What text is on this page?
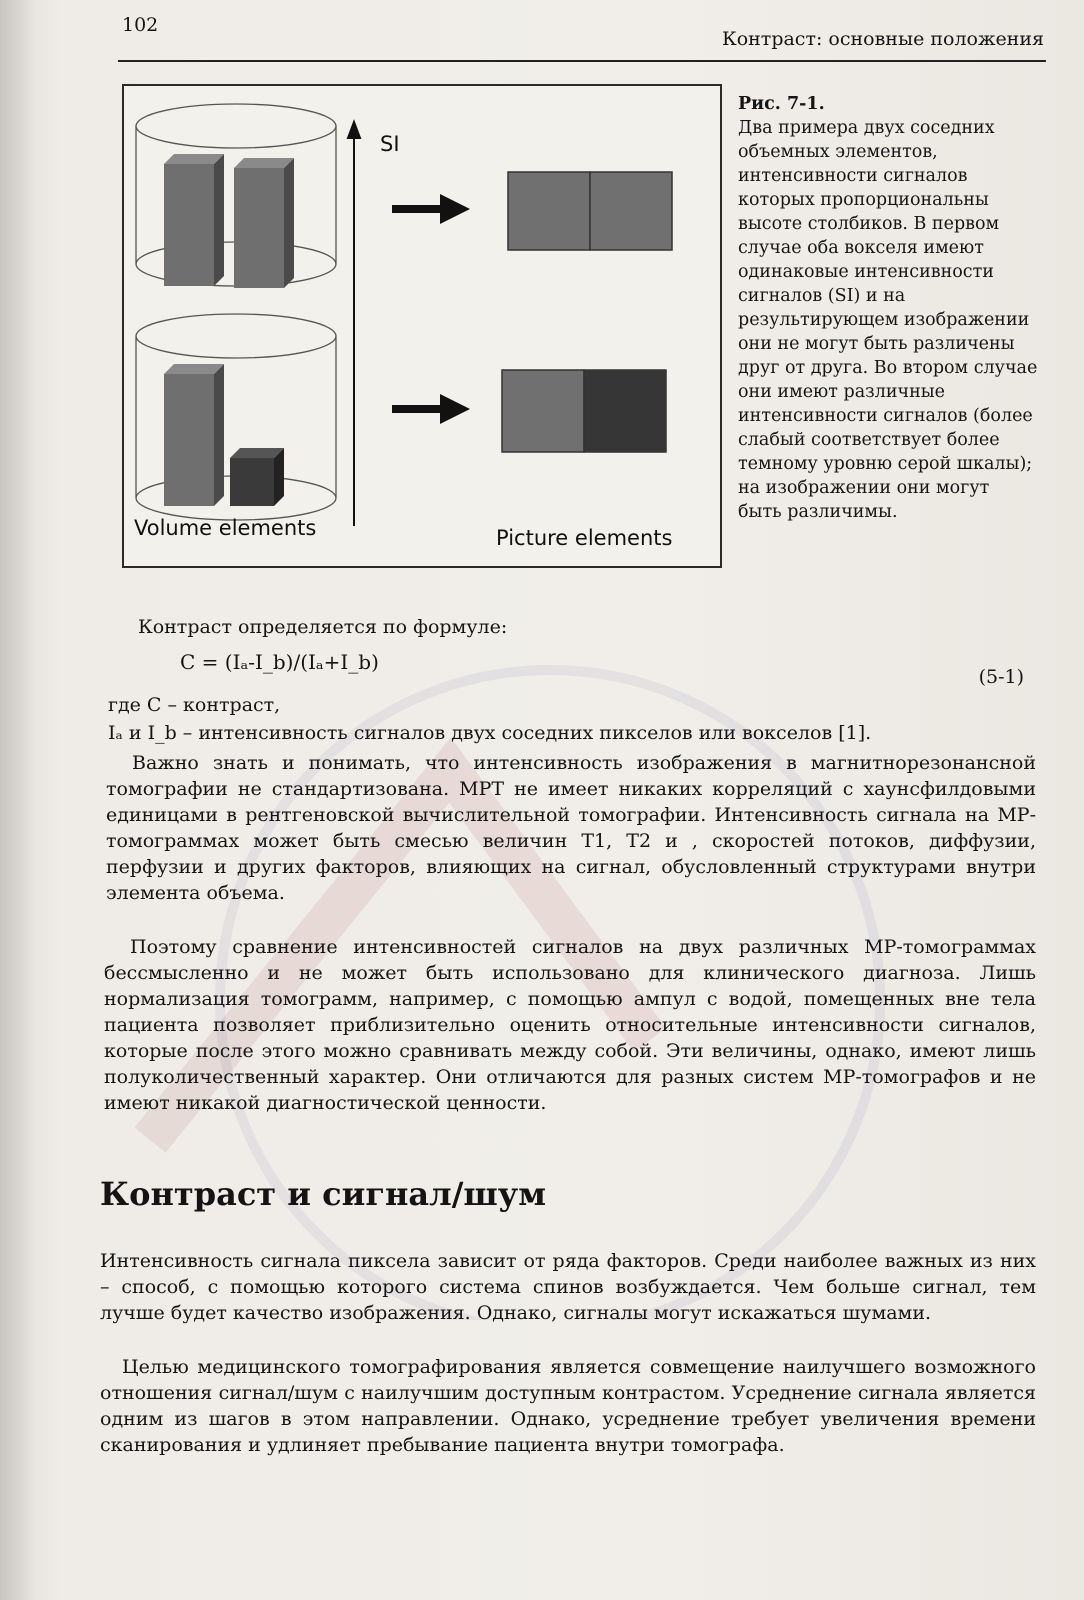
102
Контраст: основные положения
SI
Volume elements	Picture elements
Рис. 7-1.
Два примера двух соседних объемных элементов, интенсивности сигналов которых пропорциональны высоте столбиков. В первом случае оба вокселя имеют одинаковые интенсивности сигналов (SI) и на результирующем изображении они не могут быть различены друг от друга. Во втором случае они имеют различные интенсивности сигналов (более слабый соответствует более темному уровню серой шкалы); на изображении они могут быть различимы.
Контраст определяется по формуле:
C = (Iₐ-I_b)/(Iₐ+I_b)
(5-1)
где C – контраст,
Iₐ и I_b – интенсивность сигналов двух соседних пикселов или вокселов [1].
Важно знать и понимать, что интенсивность изображения в магнитнорезонансной томографии не стандартизована. МРТ не имеет никаких корреляций с хаунсфилдовыми единицами в рентгеновской вычислительной томографии. Интенсивность сигнала на МР-томограммах может быть смесью величин T1, T2 и , скоростей потоков, диффузии, перфузии и других факторов, влияющих на сигнал, обусловленный структурами внутри элемента объема.
Поэтому сравнение интенсивностей сигналов на двух различных МР-томограммах бессмысленно и не может быть использовано для клинического диагноза. Лишь нормализация томограмм, например, с помощью ампул с водой, помещенных вне тела пациента позволяет приблизительно оценить относительные интенсивности сигналов, которые после этого можно сравнивать между собой. Эти величины, однако, имеют лишь полуколичественный характер. Они отличаются для разных систем МР-томографов и не имеют никакой диагностической ценности.
Контраст и сигнал/шум
Интенсивность сигнала пиксела зависит от ряда факторов. Среди наиболее важных из них – способ, с помощью которого система спинов возбуждается. Чем больше сигнал, тем лучше будет качество изображения. Однако, сигналы могут искажаться шумами.
Целью медицинского томографирования является совмещение наилучшего возможного отношения сигнал/шум с наилучшим доступным контрастом. Усреднение сигнала является одним из шагов в этом направлении. Однако, усреднение требует увеличения времени сканирования и удлиняет пребывание пациента внутри томографа.
